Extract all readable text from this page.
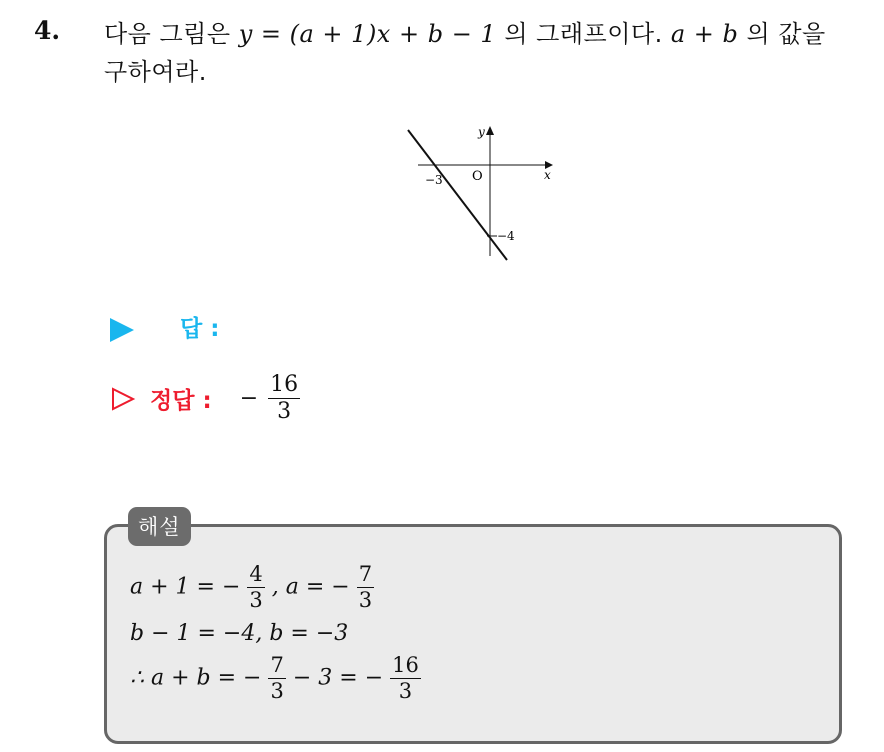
4. 다음 그림은 y = (a + 1)x + b − 1 의 그래프이다. a + b 의 값을
구하여라.
y
x
O
−3
−4
답 :
정답 : − $\frac{16}{3}$
해설
a + 1 = − $\frac{4}{3}$ , a = − $\frac{7}{3}$
b − 1 = −4, b = −3
∴ a + b = − $\frac{7}{3} - 3$ = − $\frac{16}{3}$
